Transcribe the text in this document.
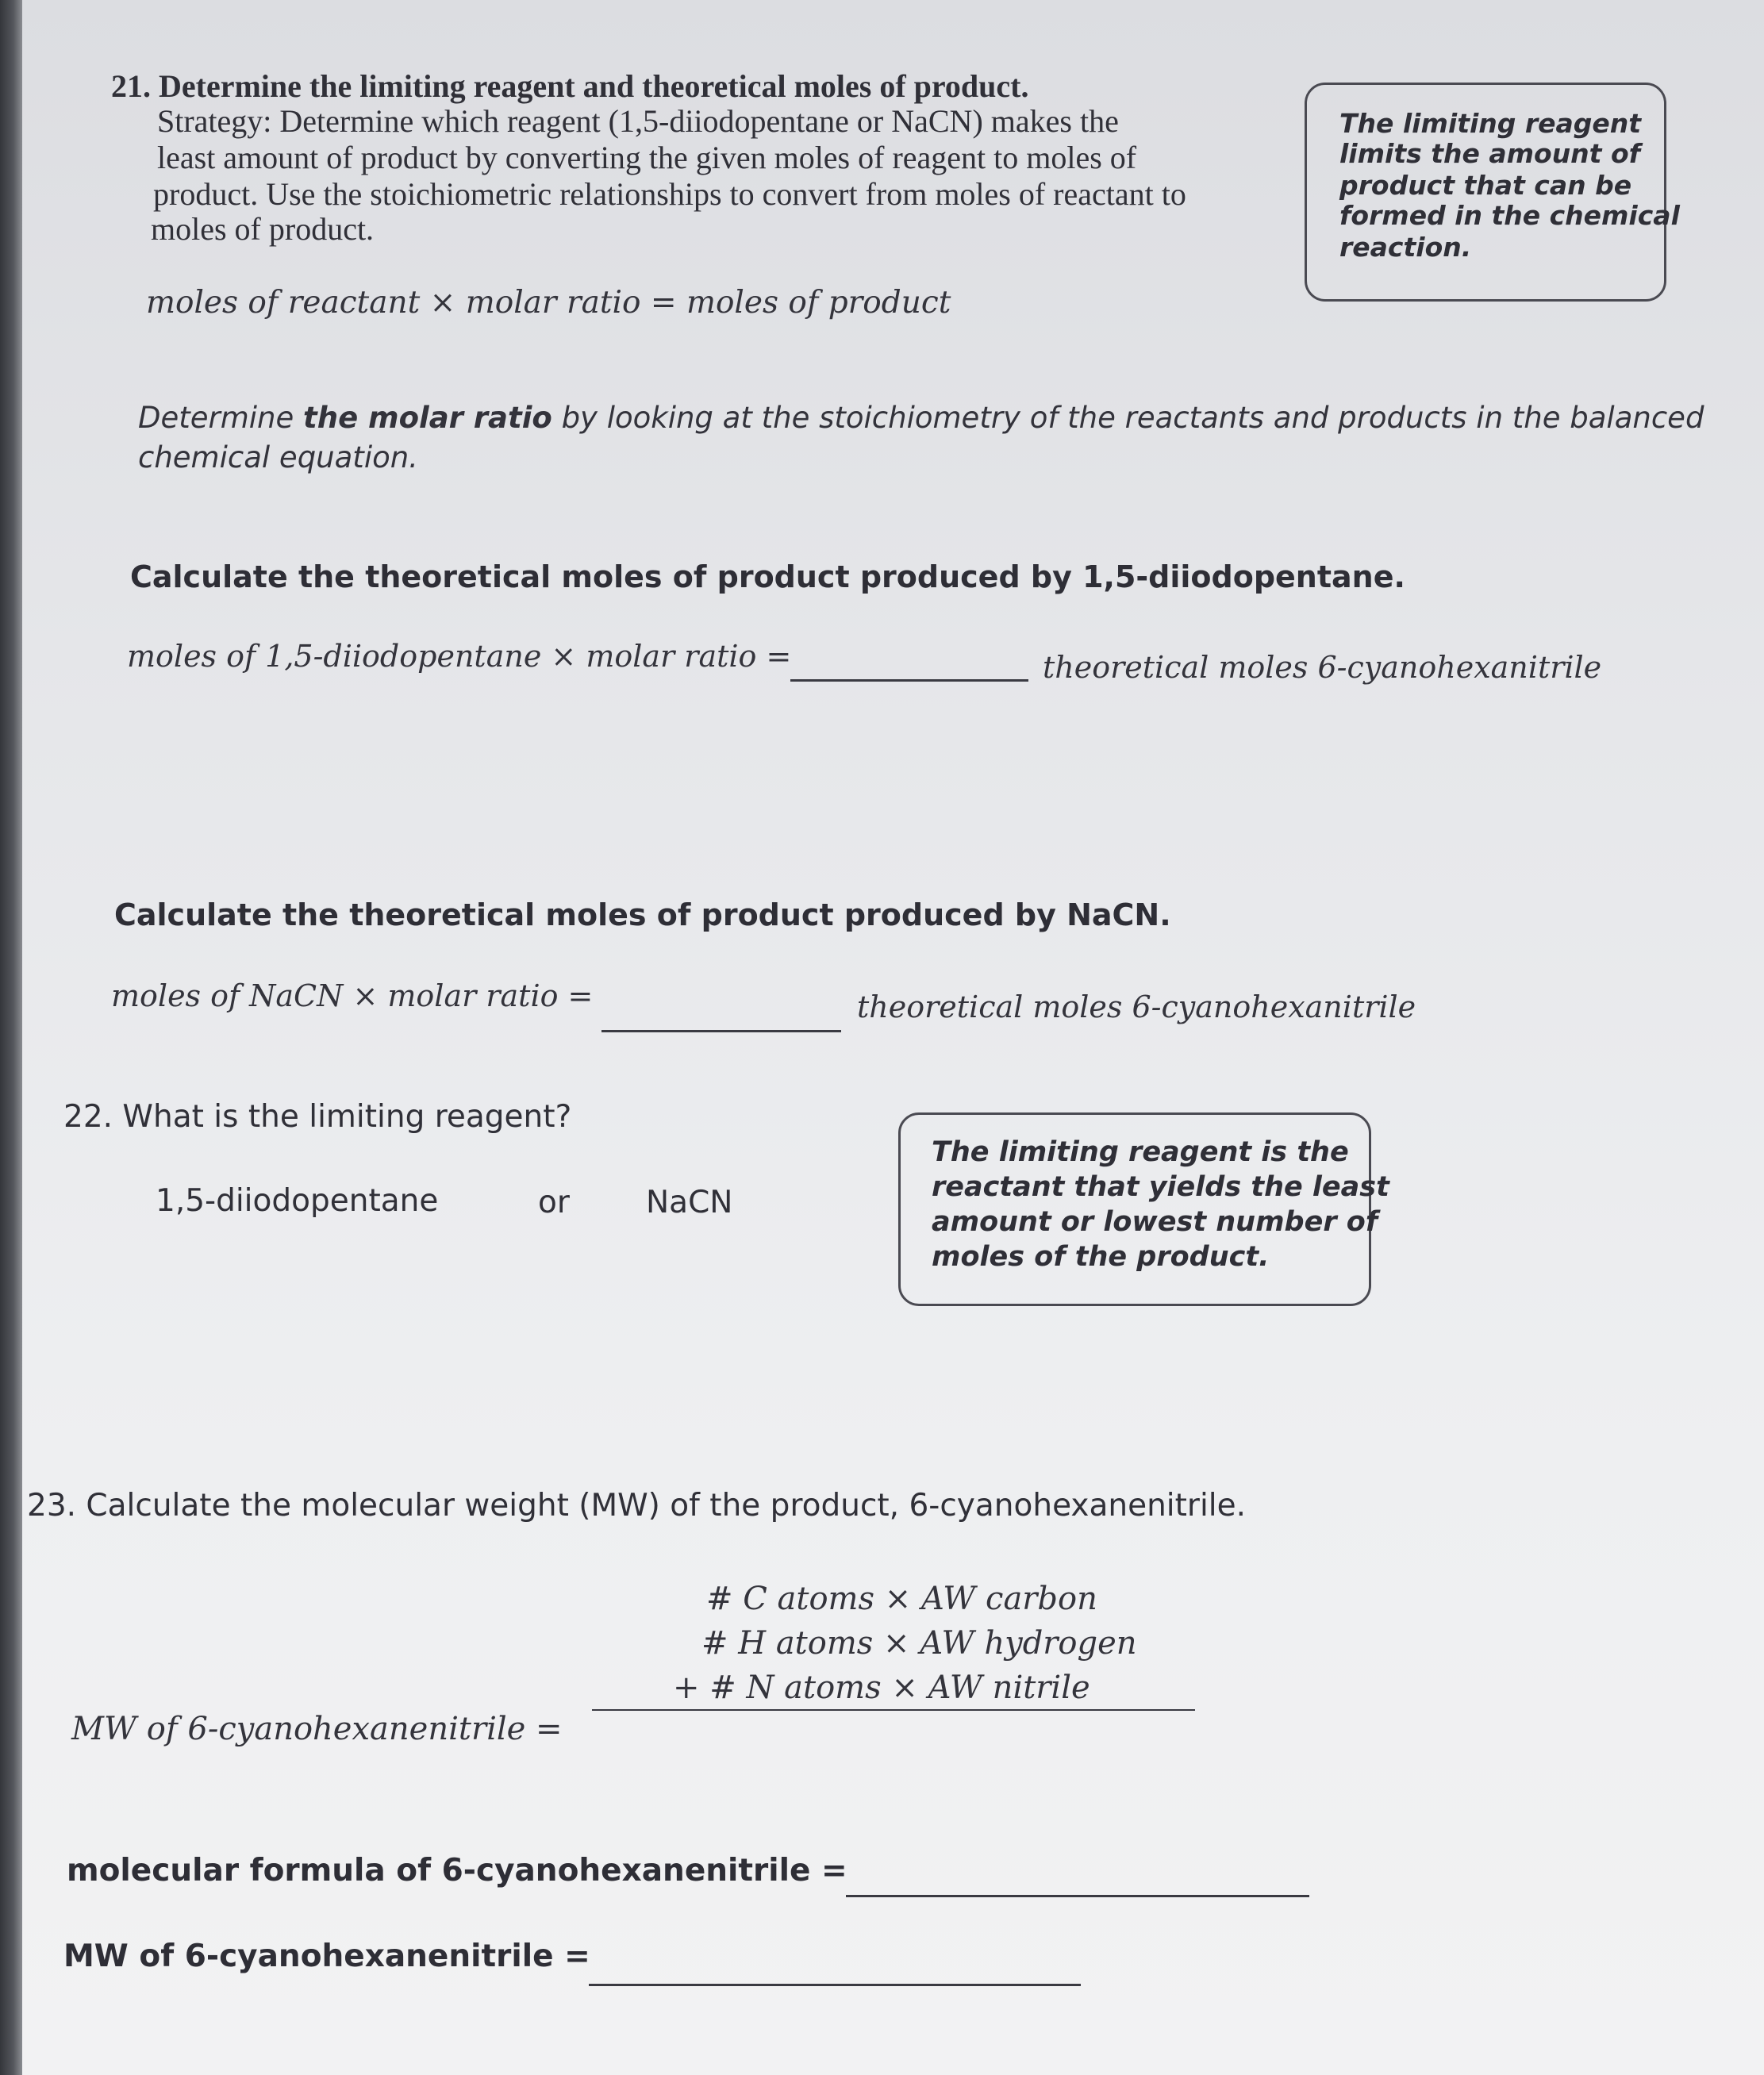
21. Determine the limiting reagent and theoretical moles of product.
Strategy: Determine which reagent (1,5-diiodopentane or NaCN) makes the
least amount of product by converting the given moles of reagent to moles of
product. Use the stoichiometric relationships to convert from moles of reactant to
moles of product.
The limiting reagent
limits the amount of
product that can be
formed in the chemical
reaction.
moles of reactant × molar ratio = moles of product
Determine the molar ratio by looking at the stoichiometry of the reactants and products in the balanced
chemical equation.
Calculate the theoretical moles of product produced by 1,5-diiodopentane.
moles of 1,5-diiodopentane × molar ratio =	theoretical moles 6-cyanohexanitrile
Calculate the theoretical moles of product produced by NaCN.
moles of NaCN × molar ratio =	theoretical moles 6-cyanohexanitrile
22. What is the limiting reagent?
1,5-diiodopentane	or NaCN
The limiting reagent is the
reactant that yields the least
amount or lowest number of
moles of the product.
23. Calculate the molecular weight (MW) of the product, 6-cyanohexanenitrile.
# C atoms × AW carbon
# H atoms × AW hydrogen
+ # N atoms × AW nitrile
MW of 6-cyanohexanenitrile =
molecular formula of 6-cyanohexanenitrile =
MW of 6-cyanohexanenitrile =
